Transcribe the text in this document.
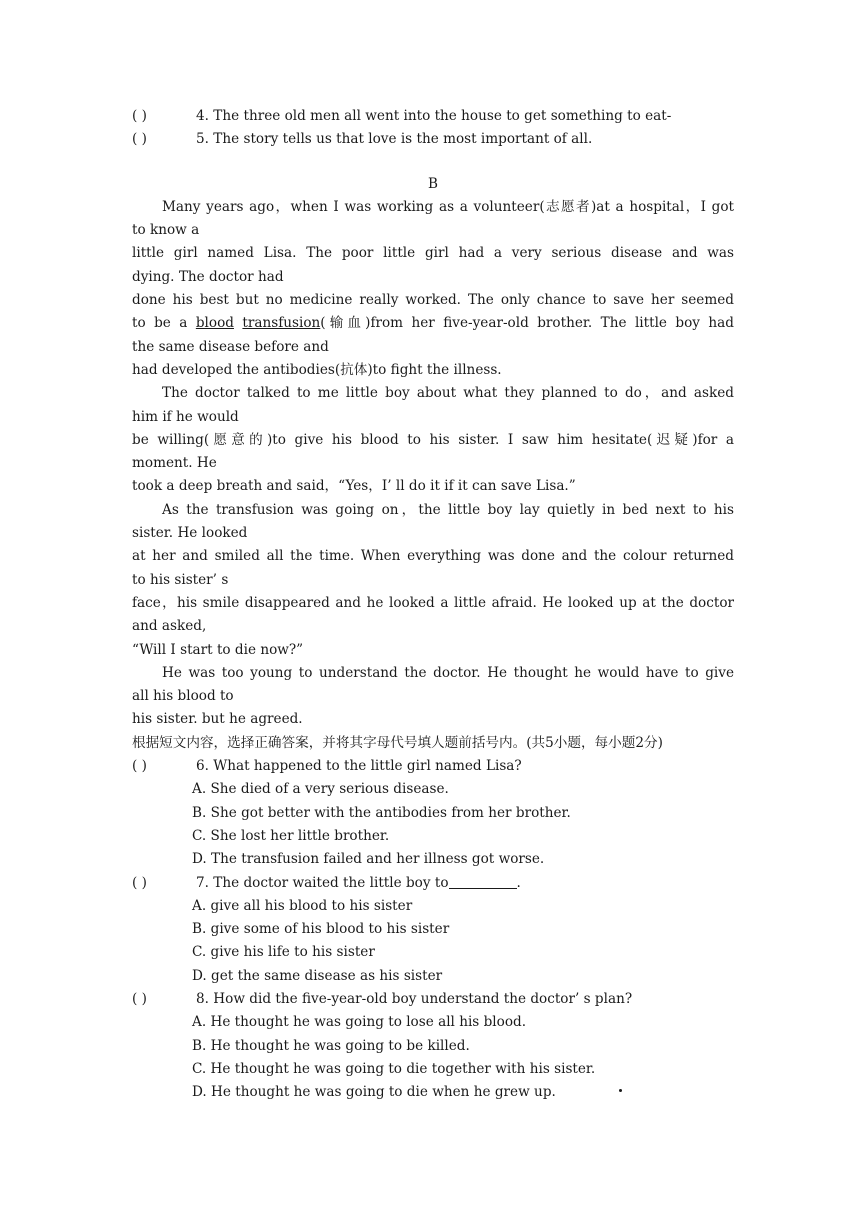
( )	4. The three old men all went into the house to get something to eat-
( )	5. The story tells us that love is the most important of all.
B
Many years ago，when I was working as a volunteer(志愿者)at a hospital，I got
to know a
little girl named Lisa. The poor little girl had a very serious disease and was
dying. The doctor had
done his best but no medicine really worked. The only chance to save her seemed
to be a blood transfusion(输血)from her five-year-old brother. The little boy had
the same disease before and
had developed the antibodies(抗体)to fight the illness.
The doctor talked to me little boy about what they planned to do，and asked
him if he would
be willing(愿意的)to give his blood to his sister. I saw him hesitate(迟疑)for a
moment. He
took a deep breath and said，“Yes，I’ ll do it if it can save Lisa.”
As the transfusion was going on，the little boy lay quietly in bed next to his
sister. He looked
at her and smiled all the time. When everything was done and the colour returned
to his sister’ s
face，his smile disappeared and he looked a little afraid. He looked up at the doctor
and asked,
“Will I start to die now?”
He was too young to understand the doctor. He thought he would have to give
all his blood to
his sister. but he agreed.
根据短文内容，选择正确答案，并将其字母代号填人题前括号内。(共5小题，每小题2分)
( )	6. What happened to the little girl named Lisa?
A. She died of a very serious disease.
B. She got better with the antibodies from her brother.
C. She lost her little brother.
D. The transfusion failed and her illness got worse.
( )	7. The doctor waited the little boy to	.
A. give all his blood to his sister
B. give some of his blood to his sister
C. give his life to his sister
D. get the same disease as his sister
( )	8. How did the five-year-old boy understand the doctor’ s plan?
A. He thought he was going to lose all his blood.
B. He thought he was going to be killed.
C. He thought he was going to die together with his sister.
D. He thought he was going to die when he grew up.
